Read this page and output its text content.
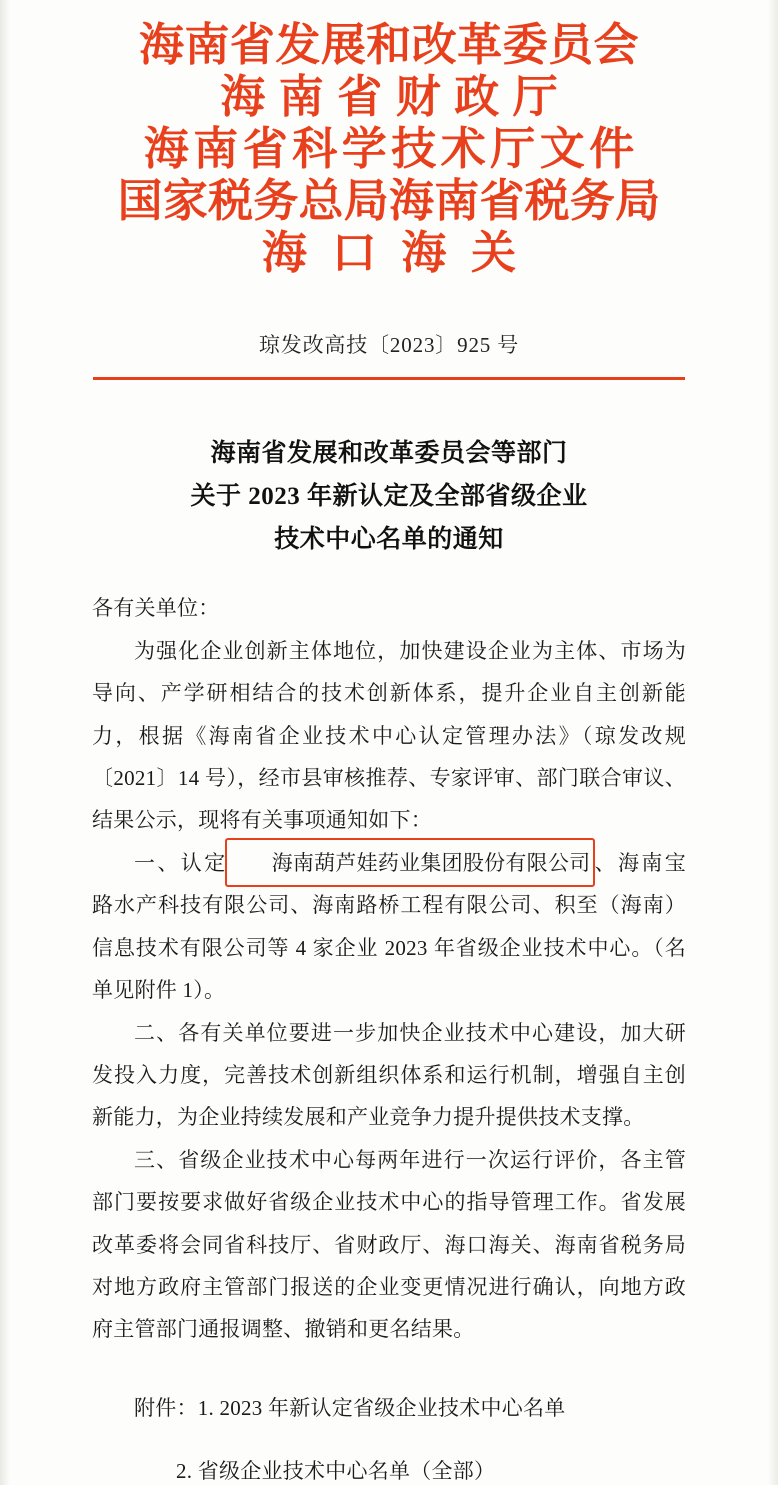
海南省发展和改革委员会
海南省财政厅
海南省科学技术厅文件
国家税务总局海南省税务局
海口海关
琼发改高技〔2023〕925 号
海南省发展和改革委员会等部门
关于 2023 年新认定及全部省级企业
技术中心名单的通知

各有关单位：

为强化企业创新主体地位，加快建设企业为主体、市场为导向、产学研相结合的技术创新体系，提升企业自主创新能力，根据《海南省企业技术中心认定管理办法》（琼发改规〔2021〕14 号），经市县审核推荐、专家评审、部门联合审议、结果公示，现将有关事项通知如下：

一、认定 海南葫芦娃药业集团股份有限公司、海南宝路水产科技有限公司、海南路桥工程有限公司、积至（海南）信息技术有限公司等 4 家企业 2023 年省级企业技术中心。（名单见附件 1）。

二、各有关单位要进一步加快企业技术中心建设，加大研发投入力度，完善技术创新组织体系和运行机制，增强自主创新能力，为企业持续发展和产业竞争力提升提供技术支撑。

三、省级企业技术中心每两年进行一次运行评价，各主管部门要按要求做好省级企业技术中心的指导管理工作。省发展改革委将会同省科技厅、省财政厅、海口海关、海南省税务局对地方政府主管部门报送的企业变更情况进行确认，向地方政府主管部门通报调整、撤销和更名结果。

附件：1. 2023 年新认定省级企业技术中心名单

2. 省级企业技术中心名单（全部）
